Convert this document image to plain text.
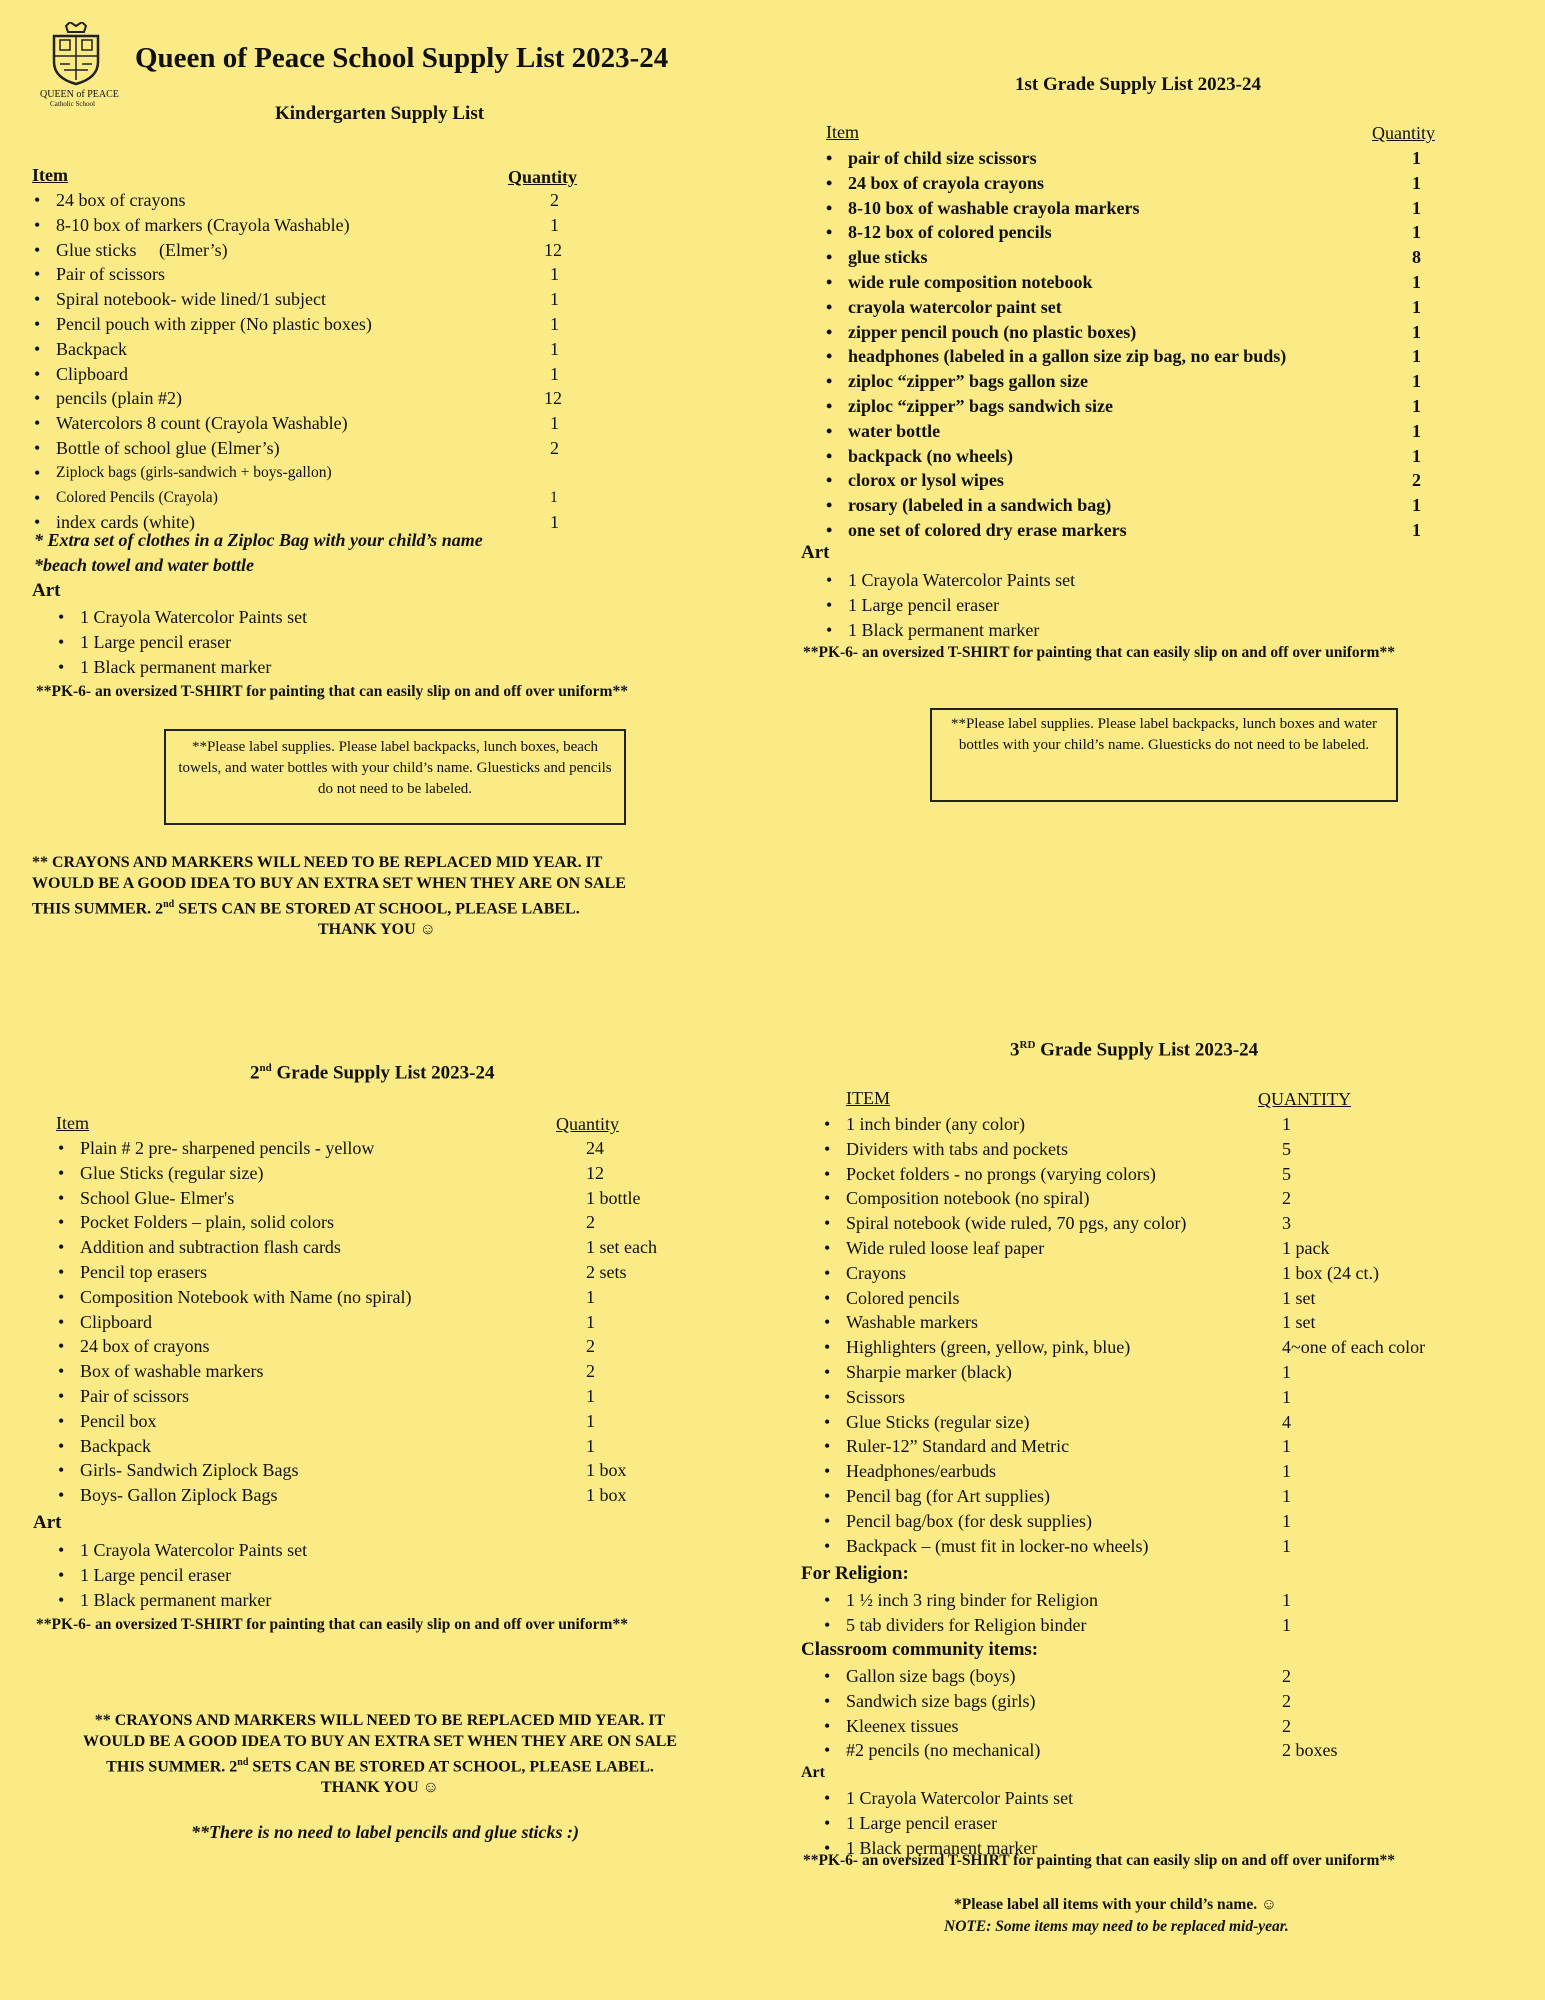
QUEEN of PEACE
Catholic School
Queen of Peace School Supply List 2023-24
Kindergarten Supply List
Item	Quantity
• 24 box of crayons	2
• 8-10 box of markers (Crayola Washable)	1
• Glue sticks     (Elmer’s)	12
• Pair of scissors	1
• Spiral notebook- wide lined/1 subject	1
• Pencil pouch with zipper (No plastic boxes)	1
• Backpack	1
• Clipboard	1
• pencils (plain #2)	12
• Watercolors 8 count (Crayola Washable)	1
• Bottle of school glue (Elmer’s)	2
• Ziplock bags (girls-sandwich + boys-gallon)
• Colored Pencils (Crayola)	1
• index cards (white)	1
* Extra set of clothes in a Ziploc Bag with your child’s name
*beach towel and water bottle
Art
• 1 Crayola Watercolor Paints set
• 1 Large pencil eraser
• 1 Black permanent marker
**PK-6- an oversized T-SHIRT for painting that can easily slip on and off over uniform**
**Please label supplies. Please label backpacks, lunch boxes, beach towels, and water bottles with your child’s name. Gluesticks and pencils do not need to be labeled.
** CRAYONS AND MARKERS WILL NEED TO BE REPLACED MID YEAR. IT
WOULD BE A GOOD IDEA TO BUY AN EXTRA SET WHEN THEY ARE ON SALE
THIS SUMMER. 2nd SETS CAN BE STORED AT SCHOOL, PLEASE LABEL.
THANK YOU ☺
1st Grade Supply List 2023-24
Item	Quantity
• pair of child size scissors	1
• 24 box of crayola crayons	1
• 8-10 box of washable crayola markers	1
• 8-12 box of colored pencils	1
• glue sticks	8
• wide rule composition notebook	1
• crayola watercolor paint set	1
• zipper pencil pouch (no plastic boxes)	1
• headphones (labeled in a gallon size zip bag, no ear buds)	1
• ziploc “zipper” bags gallon size	1
• ziploc “zipper” bags sandwich size	1
• water bottle	1
• backpack (no wheels)	1
• clorox or lysol wipes	2
• rosary (labeled in a sandwich bag)	1
• one set of colored dry erase markers	1
Art
• 1 Crayola Watercolor Paints set
• 1 Large pencil eraser
• 1 Black permanent marker
**PK-6- an oversized T-SHIRT for painting that can easily slip on and off over uniform**
**Please label supplies. Please label backpacks, lunch boxes and water bottles with your child’s name. Gluesticks do not need to be labeled.
2nd Grade Supply List 2023-24
Item	Quantity
• Plain # 2 pre- sharpened pencils - yellow	24
• Glue Sticks (regular size)	12
• School Glue- Elmer's	1 bottle
• Pocket Folders – plain, solid colors	2
• Addition and subtraction flash cards	1 set each
• Pencil top erasers	2 sets
• Composition Notebook with Name (no spiral)	1
• Clipboard	1
• 24 box of crayons	2
• Box of washable markers	2
• Pair of scissors	1
• Pencil box	1
• Backpack	1
• Girls- Sandwich Ziplock Bags	1 box
• Boys- Gallon Ziplock Bags	1 box
Art
• 1 Crayola Watercolor Paints set
• 1 Large pencil eraser
• 1 Black permanent marker
**PK-6- an oversized T-SHIRT for painting that can easily slip on and off over uniform**
** CRAYONS AND MARKERS WILL NEED TO BE REPLACED MID YEAR. IT
WOULD BE A GOOD IDEA TO BUY AN EXTRA SET WHEN THEY ARE ON SALE
THIS SUMMER. 2nd SETS CAN BE STORED AT SCHOOL, PLEASE LABEL.
THANK YOU ☺
**There is no need to label pencils and glue sticks :)
3RD Grade Supply List 2023-24
ITEM	QUANTITY
• 1 inch binder (any color)	1
• Dividers with tabs and pockets	5
• Pocket folders - no prongs (varying colors)	5
• Composition notebook (no spiral)	2
• Spiral notebook (wide ruled, 70 pgs, any color)	3
• Wide ruled loose leaf paper	1 pack
• Crayons	1 box (24 ct.)
• Colored pencils	1 set
• Washable markers	1 set
• Highlighters (green, yellow, pink, blue)	4~one of each color
• Sharpie marker (black)	1
• Scissors	1
• Glue Sticks (regular size)	4
• Ruler-12” Standard and Metric	1
• Headphones/earbuds	1
• Pencil bag (for Art supplies)	1
• Pencil bag/box (for desk supplies)	1
• Backpack – (must fit in locker-no wheels)	1
For Religion:
• 1 ½ inch 3 ring binder for Religion	1
• 5 tab dividers for Religion binder	1
Classroom community items:
• Gallon size bags (boys)	2
• Sandwich size bags (girls)	2
• Kleenex tissues	2
• #2 pencils (no mechanical)	2 boxes
Art
• 1 Crayola Watercolor Paints set
• 1 Large pencil eraser
• 1 Black permanent marker
**PK-6- an oversized T-SHIRT for painting that can easily slip on and off over uniform**
*Please label all items with your child’s name. ☺
NOTE: Some items may need to be replaced mid-year.
